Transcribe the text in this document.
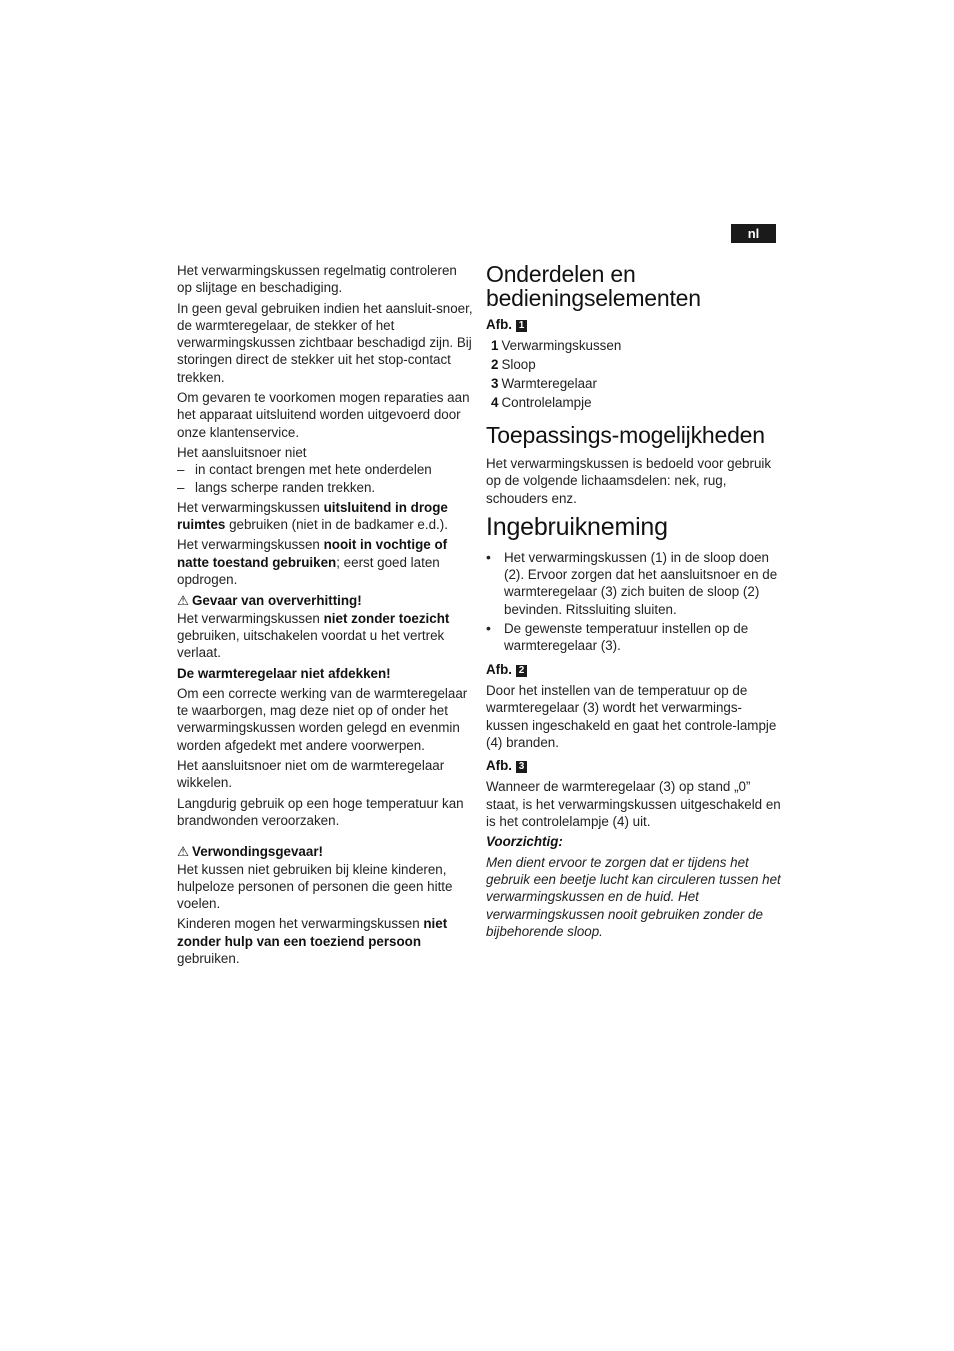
nl

Het verwarmingskussen regelmatig controleren op slijtage en beschadiging.

In geen geval gebruiken indien het aansluit-snoer, de warmteregelaar, de stekker of het verwarmingskussen zichtbaar beschadigd zijn. Bij storingen direct de stekker uit het stop-contact trekken.

Om gevaren te voorkomen mogen reparaties aan het apparaat uitsluitend worden uitgevoerd door onze klantenservice.

Het aansluitsnoer niet

– in contact brengen met hete onderdelen
– langs scherpe randen trekken.

Het verwarmingskussen uitsluitend in droge ruimtes gebruiken (niet in de badkamer e.d.).

Het verwarmingskussen nooit in vochtige of natte toestand gebruiken; eerst goed laten opdrogen.

⚠ Gevaar van oververhitting!

Het verwarmingskussen niet zonder toezicht gebruiken, uitschakelen voordat u het vertrek verlaat.

De warmteregelaar niet afdekken!

Om een correcte werking van de warmteregelaar te waarborgen, mag deze niet op of onder het verwarmingskussen worden gelegd en evenmin worden afgedekt met andere voorwerpen.

Het aansluitsnoer niet om de warmteregelaar wikkelen.

Langdurig gebruik op een hoge temperatuur kan brandwonden veroorzaken.

⚠ Verwondingsgevaar!

Het kussen niet gebruiken bij kleine kinderen, hulpeloze personen of personen die geen hitte voelen.

Kinderen mogen het verwarmingskussen niet zonder hulp van een toeziend persoon gebruiken.

Onderdelen en bedieningselementen
Afb. 1
1 Verwarmingskussen
2 Sloop
3 Warmteregelaar
4 Controlelampje
Toepassings-mogelijkheden

Het verwarmingskussen is bedoeld voor gebruik op de volgende lichaamsdelen: nek, rug, schouders enz.

Ingebruikneming
• Het verwarmingskussen (1) in de sloop doen (2). Ervoor zorgen dat het aansluitsnoer en de warmteregelaar (3) zich buiten de sloop (2) bevinden. Ritssluiting sluiten.
• De gewenste temperatuur instellen op de warmteregelaar (3).
Afb. 2

Door het instellen van de temperatuur op de warmteregelaar (3) wordt het verwarmings-kussen ingeschakeld en gaat het controle-lampje (4) branden.

Afb. 3

Wanneer de warmteregelaar (3) op stand „0” staat, is het verwarmingskussen uitgeschakeld en is het controlelampje (4) uit.

Voorzichtig:

Men dient ervoor te zorgen dat er tijdens het gebruik een beetje lucht kan circuleren tussen het verwarmingskussen en de huid. Het verwarmingskussen nooit gebruiken zonder de bijbehorende sloop.
